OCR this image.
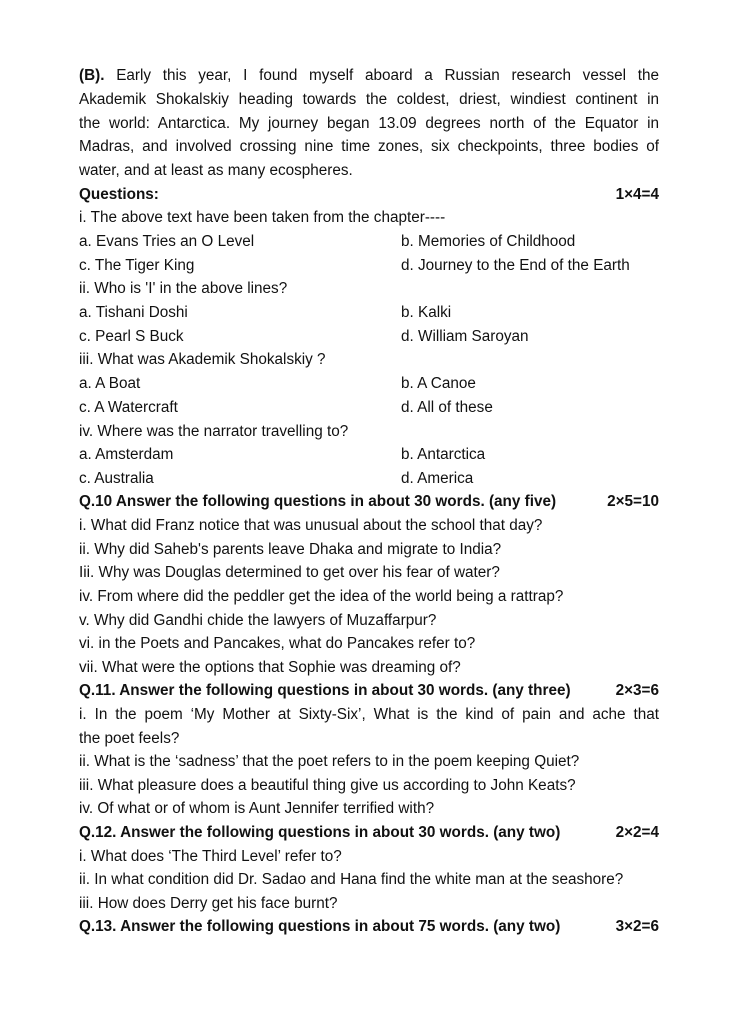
(B). Early this year, I found myself aboard a Russian research vessel the
Akademik Shokalskiy heading towards the coldest, driest, windiest continent in
the world: Antarctica. My journey began 13.09 degrees north of the Equator in
Madras, and involved crossing nine time zones, six checkpoints, three bodies of
water, and at least as many ecospheres.
Questions:	1×4=4
i. The above text have been taken from the chapter----
a. Evans Tries an O Level	b. Memories of Childhood
c. The Tiger King	d. Journey to the End of the Earth
ii. Who is 'I' in the above lines?
a. Tishani Doshi	b. Kalki
c. Pearl S Buck	d. William Saroyan
iii. What was Akademik Shokalskiy ?
a. A Boat	b. A Canoe
c. A Watercraft	d. All of these
iv. Where was the narrator travelling to?
a. Amsterdam	b. Antarctica
c. Australia	d. America
Q.10 Answer the following questions in about 30 words. (any five)	2×5=10
i. What did Franz notice that was unusual about the school that day?
ii. Why did Saheb's parents leave Dhaka and migrate to India?
Iii. Why was Douglas determined to get over his fear of water?
iv. From where did the peddler get the idea of the world being a rattrap?
v. Why did Gandhi chide the lawyers of Muzaffarpur?
vi. in the Poets and Pancakes, what do Pancakes refer to?
vii. What were the options that Sophie was dreaming of?
Q.11. Answer the following questions in about 30 words. (any three)	2×3=6
i. In the poem ‘My Mother at Sixty-Six’, What is the kind of pain and ache that
the poet feels?
ii. What is the ‘sadness’ that the poet refers to in the poem keeping Quiet?
iii. What pleasure does a beautiful thing give us according to John Keats?
iv. Of what or of whom is Aunt Jennifer terrified with?
Q.12. Answer the following questions in about 30 words. (any two)	2×2=4
i. What does ‘The Third Level’ refer to?
ii. In what condition did Dr. Sadao and Hana find the white man at the seashore?
iii. How does Derry get his face burnt?
Q.13. Answer the following questions in about 75 words. (any two)	3×2=6
